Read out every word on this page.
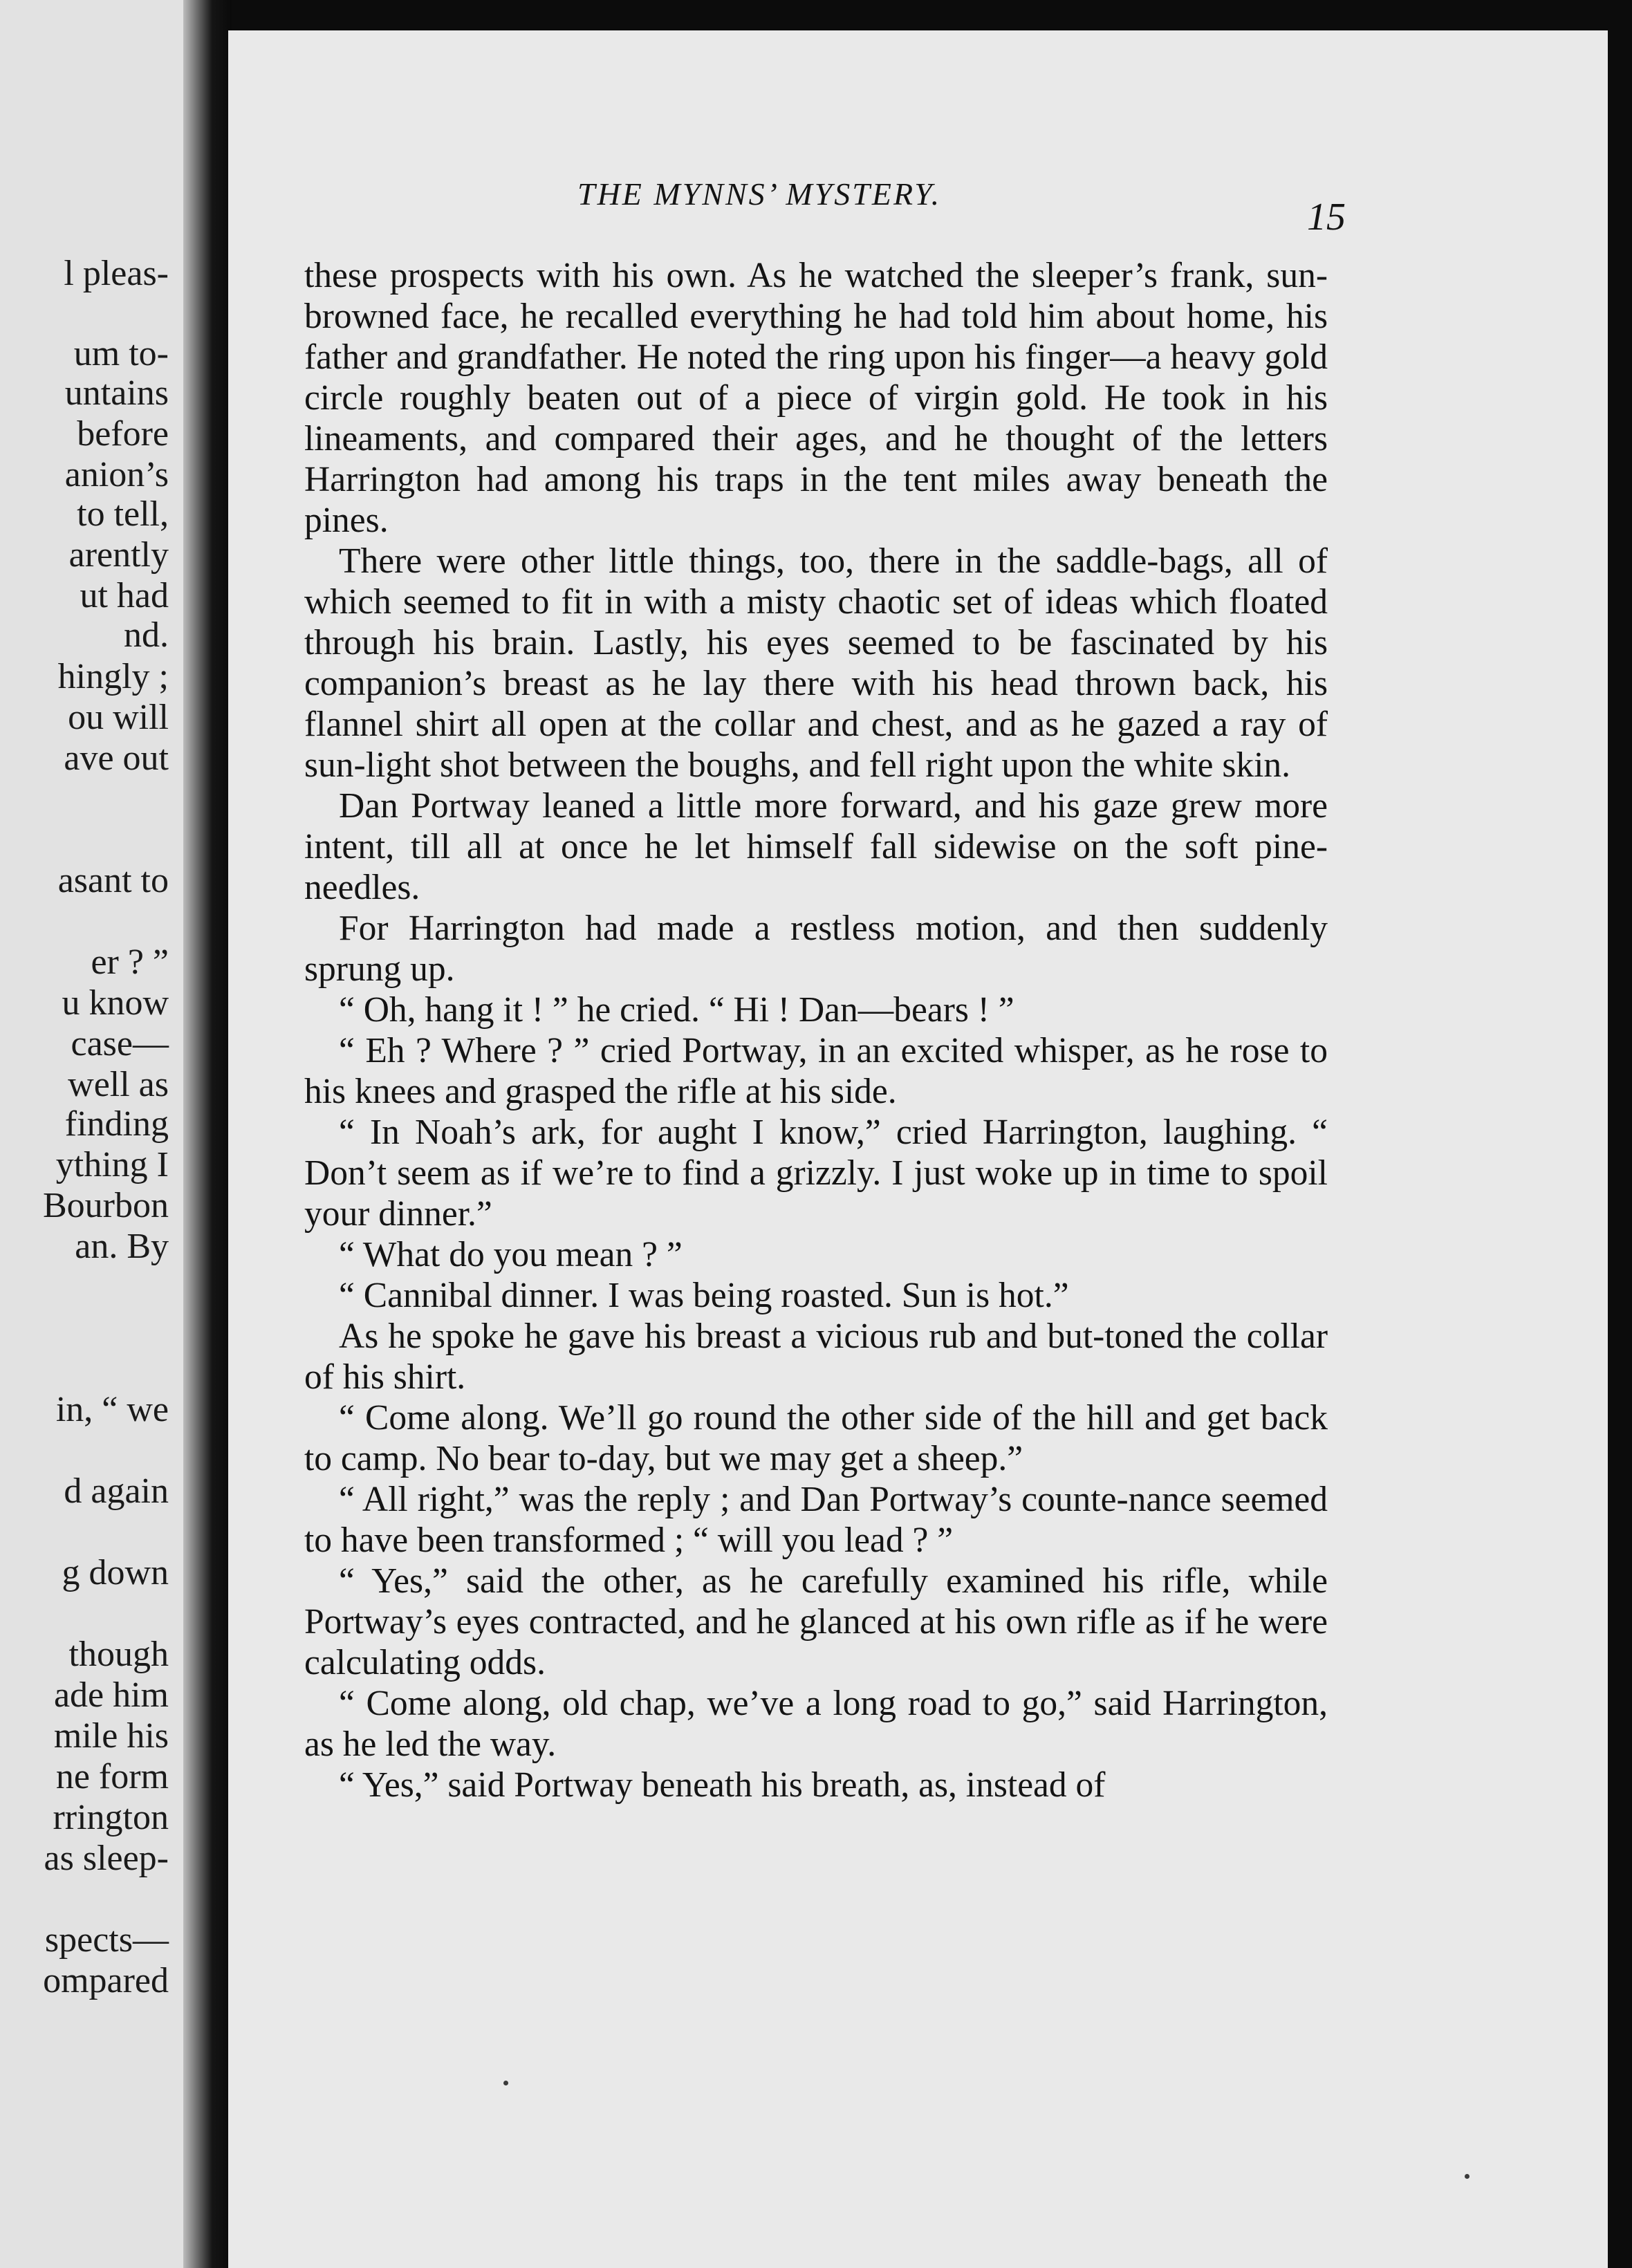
l pleas-
um to-
untains
before
anion’s
to tell,
arently
ut had
nd.
hingly ;
ou will
ave out
asant to
er ? ”
u know
case—
well as
finding
ything I
Bourbon
an. By
in, “ we
d again
g down
though
ade him
mile his
ne form
rrington
as sleep-
spects—
ompared
THE MYNNS’ MYSTERY.
15

these prospects with his own. As he watched the sleeper’s frank, sun-browned face, he recalled everything he had told him about home, his father and grandfather. He noted the ring upon his finger—a heavy gold circle roughly beaten out of a piece of virgin gold. He took in his lineaments, and compared their ages, and he thought of the letters Harrington had among his traps in the tent miles away beneath the pines.

There were other little things, too, there in the saddle-bags, all of which seemed to fit in with a misty chaotic set of ideas which floated through his brain. Lastly, his eyes seemed to be fascinated by his companion’s breast as he lay there with his head thrown back, his flannel shirt all open at the collar and chest, and as he gazed a ray of sun-light shot between the boughs, and fell right upon the white skin.

Dan Portway leaned a little more forward, and his gaze grew more intent, till all at once he let himself fall sidewise on the soft pine-needles.

For Harrington had made a restless motion, and then suddenly sprung up.

“ Oh, hang it ! ” he cried. “ Hi ! Dan—bears ! ”

“ Eh ? Where ? ” cried Portway, in an excited whisper, as he rose to his knees and grasped the rifle at his side.

“ In Noah’s ark, for aught I know,” cried Harrington, laughing. “ Don’t seem as if we’re to find a grizzly. I just woke up in time to spoil your dinner.”

“ What do you mean ? ”

“ Cannibal dinner. I was being roasted. Sun is hot.”

As he spoke he gave his breast a vicious rub and but-toned the collar of his shirt.

“ Come along. We’ll go round the other side of the hill and get back to camp. No bear to-day, but we may get a sheep.”

“ All right,” was the reply ; and Dan Portway’s counte-nance seemed to have been transformed ; “ will you lead ? ”

“ Yes,” said the other, as he carefully examined his rifle, while Portway’s eyes contracted, and he glanced at his own rifle as if he were calculating odds.

“ Come along, old chap, we’ve a long road to go,” said Harrington, as he led the way.

“ Yes,” said Portway beneath his breath, as, instead of
